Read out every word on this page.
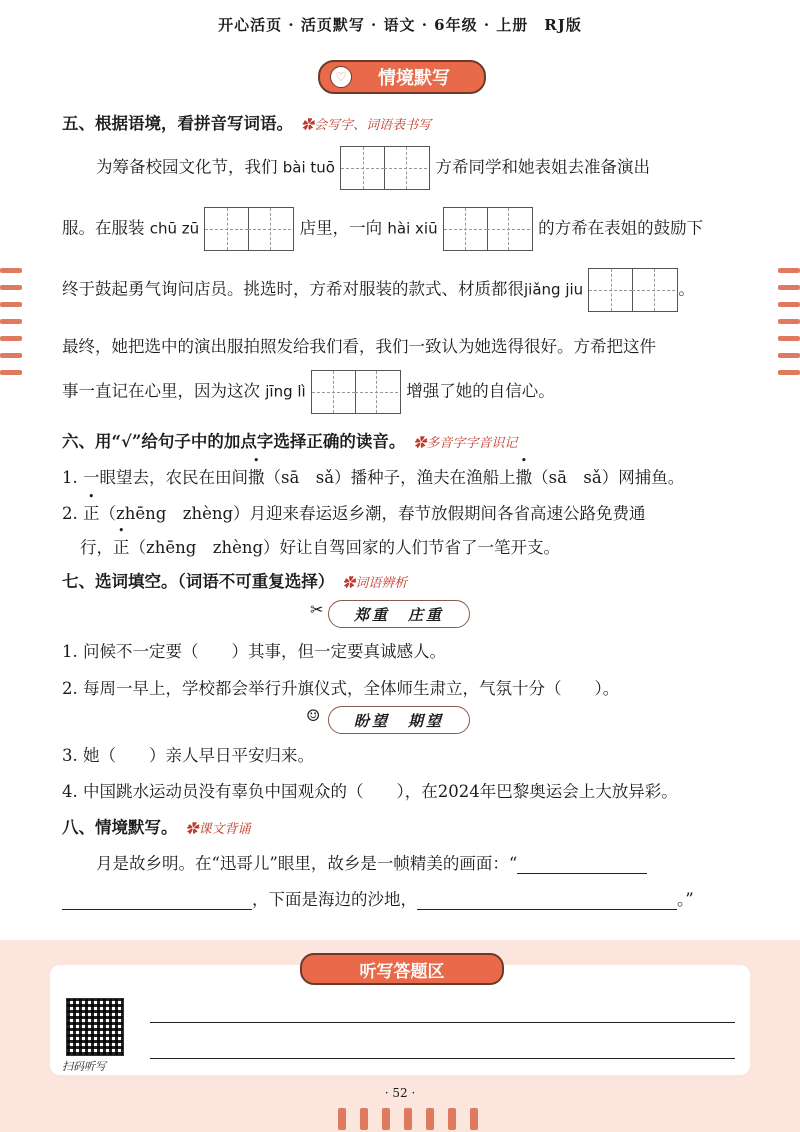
开心活页 · 活页默写 · 语文 · 6年级 · 上册　RJ版
♡	情境默写
五、根据语境，看拼音写词语。 ✿会写字、词语表书写
为筹备校园文化节，我们 bài tuō	方希同学和她表姐去准备演出
服。在服装 chū zū	店里，一向 hài xiū	的方希在表姐的鼓励下
终于鼓起勇气询问店员。挑选时，方希对服装的款式、材质都很jiǎng jiu	。
最终，她把选中的演出服拍照发给我们看，我们一致认为她选得很好。方希把这件
事一直记在心里，因为这次 jīng lì	增强了她的自信心。
六、用“√”给句子中的加点字选择正确的读音。 ✿多音字字音识记
1. 一眼望去，农民在田间撒（sā　sǎ）播种子，渔夫在渔船上撒（sā　sǎ）网捕鱼。
2. 正（zhēng　zhèng）月迎来春运返乡潮，春节放假期间各省高速公路免费通
行，正（zhēng　zhèng）好让自驾回家的人们节省了一笔开支。
七、选词填空。（词语不可重复选择） ✿词语辨析
✂	郑重　庄重
1. 问候不一定要（　　）其事，但一定要真诚感人。
2. 每周一早上，学校都会举行升旗仪式，全体师生肃立，气氛十分（　　）。
☺	盼望　期望
3. 她（　　）亲人早日平安归来。
4. 中国跳水运动员没有辜负中国观众的（　　），在2024年巴黎奥运会上大放异彩。
八、情境默写。 ✿课文背诵
月是故乡明。在“迅哥儿”眼里，故乡是一帧精美的画面：“
，下面是海边的沙地，	。”
听写答题区
扫码听写
· 52 ·
